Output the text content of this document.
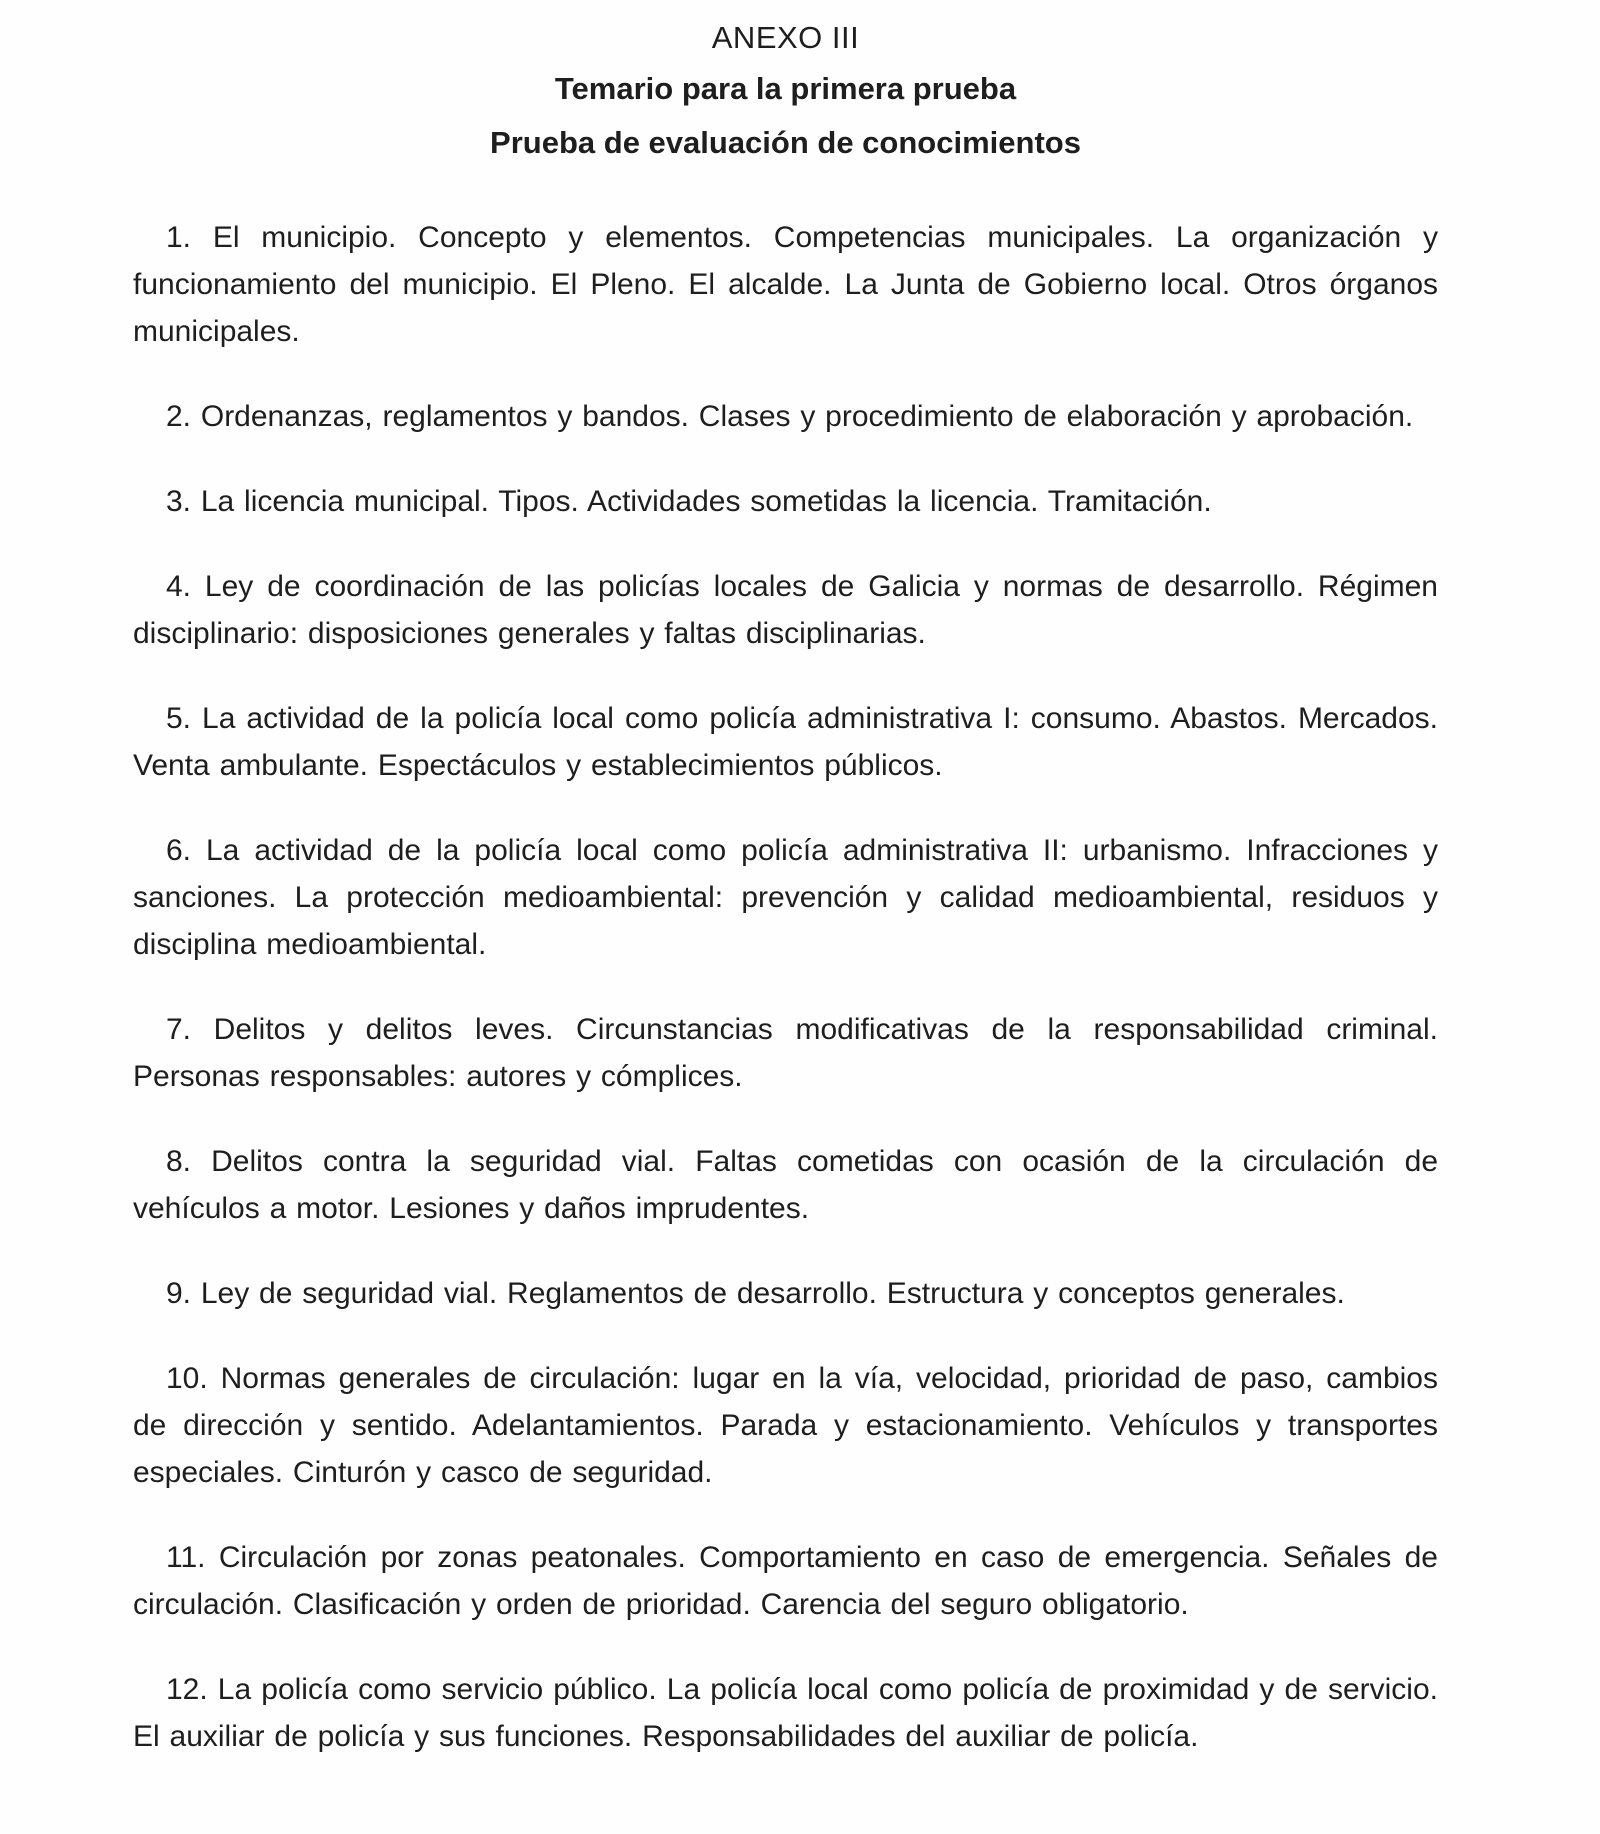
ANEXO III
Temario para la primera prueba
Prueba de evaluación de conocimientos

1. El municipio. Concepto y elementos. Competencias municipales. La organización y funcionamiento del municipio. El Pleno. El alcalde. La Junta de Gobierno local. Otros órganos municipales.

2. Ordenanzas, reglamentos y bandos. Clases y procedimiento de elaboración y aprobación.

3. La licencia municipal. Tipos. Actividades sometidas la licencia. Tramitación.

4. Ley de coordinación de las policías locales de Galicia y normas de desarrollo. Régimen disciplinario: disposiciones generales y faltas disciplinarias.

5. La actividad de la policía local como policía administrativa I: consumo. Abastos. Mercados. Venta ambulante. Espectáculos y establecimientos públicos.

6. La actividad de la policía local como policía administrativa II: urbanismo. Infracciones y sanciones. La protección medioambiental: prevención y calidad medioambiental, residuos y disciplina medioambiental.

7. Delitos y delitos leves. Circunstancias modificativas de la responsabilidad criminal. Personas responsables: autores y cómplices.

8. Delitos contra la seguridad vial. Faltas cometidas con ocasión de la circulación de vehículos a motor. Lesiones y daños imprudentes.

9. Ley de seguridad vial. Reglamentos de desarrollo. Estructura y conceptos generales.

10. Normas generales de circulación: lugar en la vía, velocidad, prioridad de paso, cambios de dirección y sentido. Adelantamientos. Parada y estacionamiento. Vehículos y transportes especiales. Cinturón y casco de seguridad.

11. Circulación por zonas peatonales. Comportamiento en caso de emergencia. Señales de circulación. Clasificación y orden de prioridad. Carencia del seguro obligatorio.

12. La policía como servicio público. La policía local como policía de proximidad y de servicio. El auxiliar de policía y sus funciones. Responsabilidades del auxiliar de policía.
